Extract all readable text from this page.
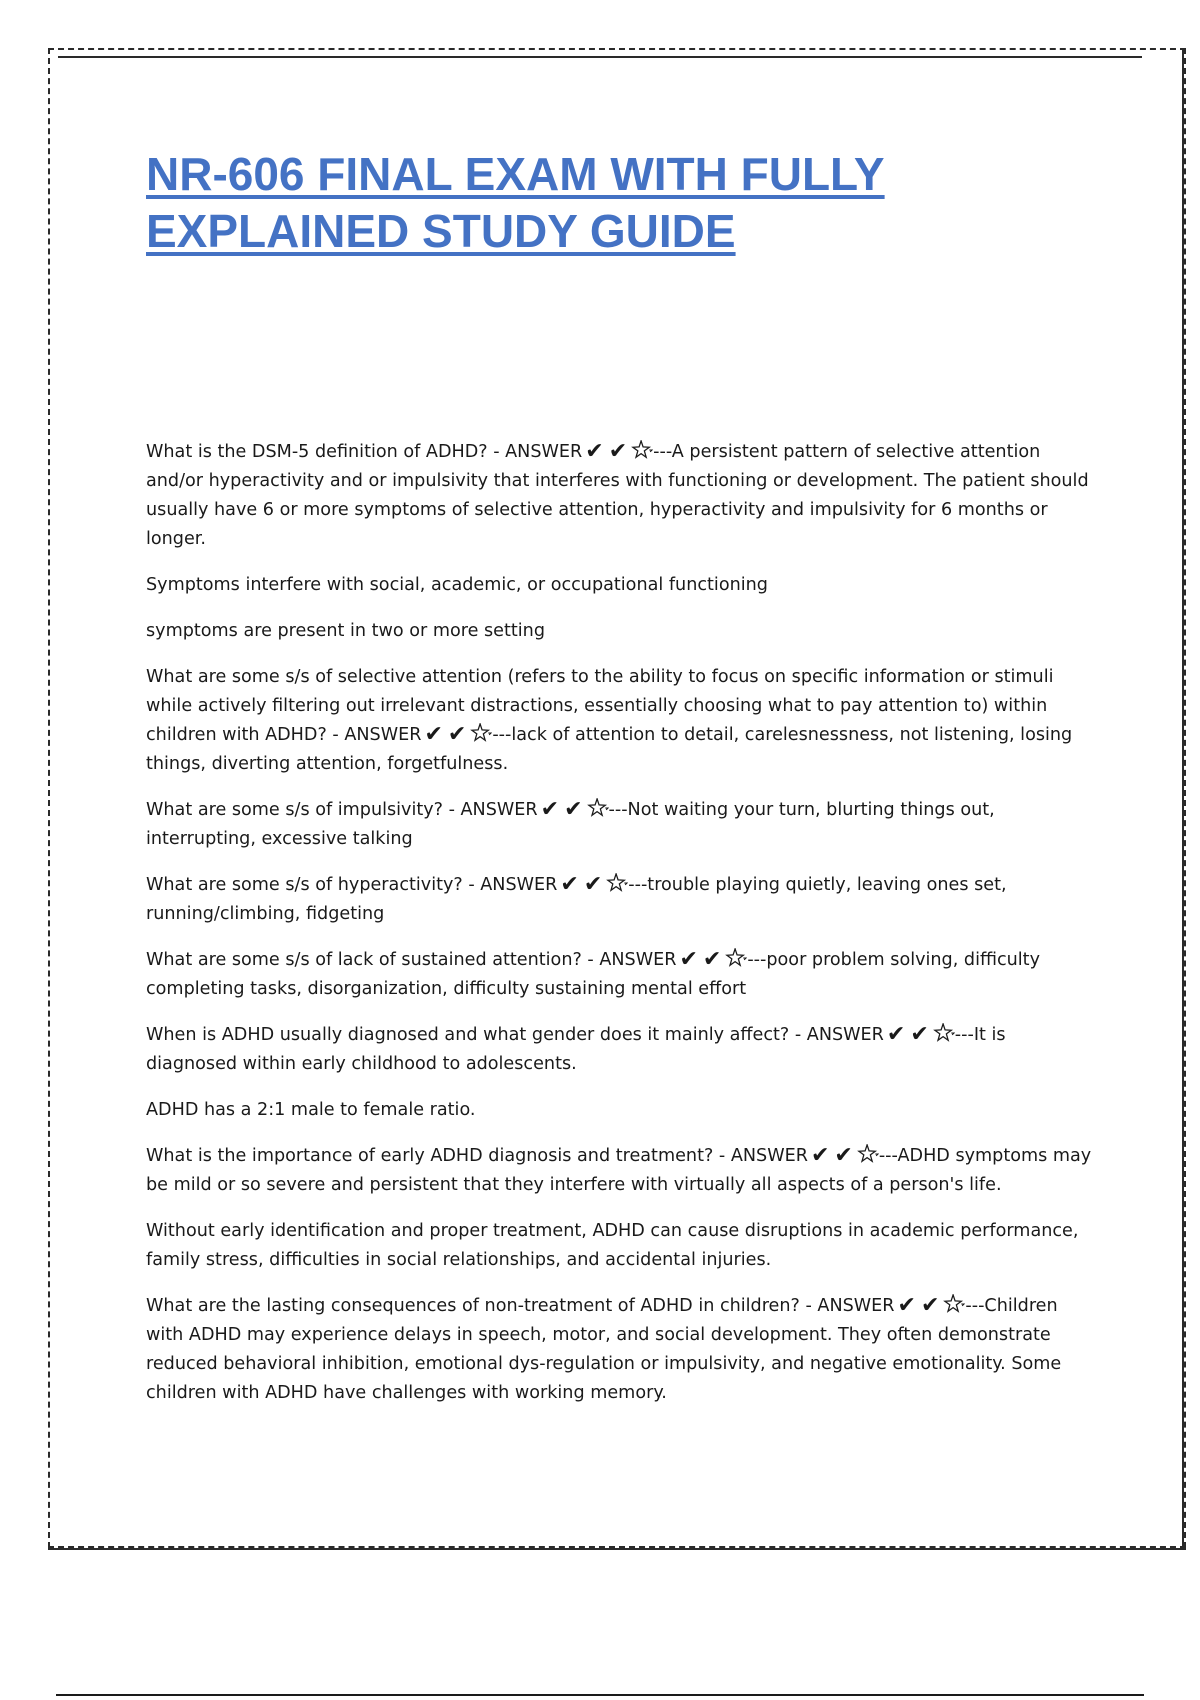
NR-606 FINAL EXAM WITH FULLY
EXPLAINED STUDY GUIDE

What is the DSM-5 definition of ADHD? - ANSWER ✔ ✔ ---A persistent pattern of selective attention and/or hyperactivity and or impulsivity that interferes with functioning or development. The patient should usually have 6 or more symptoms of selective attention, hyperactivity and impulsivity for 6 months or longer.

Symptoms interfere with social, academic, or occupational functioning

symptoms are present in two or more setting

What are some s/s of selective attention (refers to the ability to focus on specific information or stimuli while actively filtering out irrelevant distractions, essentially choosing what to pay attention to) within children with ADHD? - ANSWER ✔ ✔ ---lack of attention to detail, carelesnessness, not listening, losing things, diverting attention, forgetfulness.

What are some s/s of impulsivity? - ANSWER ✔ ✔ ---Not waiting your turn, blurting things out, interrupting, excessive talking

What are some s/s of hyperactivity? - ANSWER ✔ ✔ ---trouble playing quietly, leaving ones set, running/climbing, fidgeting

What are some s/s of lack of sustained attention? - ANSWER ✔ ✔ ---poor problem solving, difficulty completing tasks, disorganization, difficulty sustaining mental effort

When is ADHD usually diagnosed and what gender does it mainly affect? - ANSWER ✔ ✔ ---It is diagnosed within early childhood to adolescents.

ADHD has a 2:1 male to female ratio.

What is the importance of early ADHD diagnosis and treatment? - ANSWER ✔ ✔ ---ADHD symptoms may be mild or so severe and persistent that they interfere with virtually all aspects of a person's life.

Without early identification and proper treatment, ADHD can cause disruptions in academic performance, family stress, difficulties in social relationships, and accidental injuries.

What are the lasting consequences of non-treatment of ADHD in children? - ANSWER ✔ ✔ ---Children with ADHD may experience delays in speech, motor, and social development. They often demonstrate reduced behavioral inhibition, emotional dys-regulation or impulsivity, and negative emotionality. Some children with ADHD have challenges with working memory.
